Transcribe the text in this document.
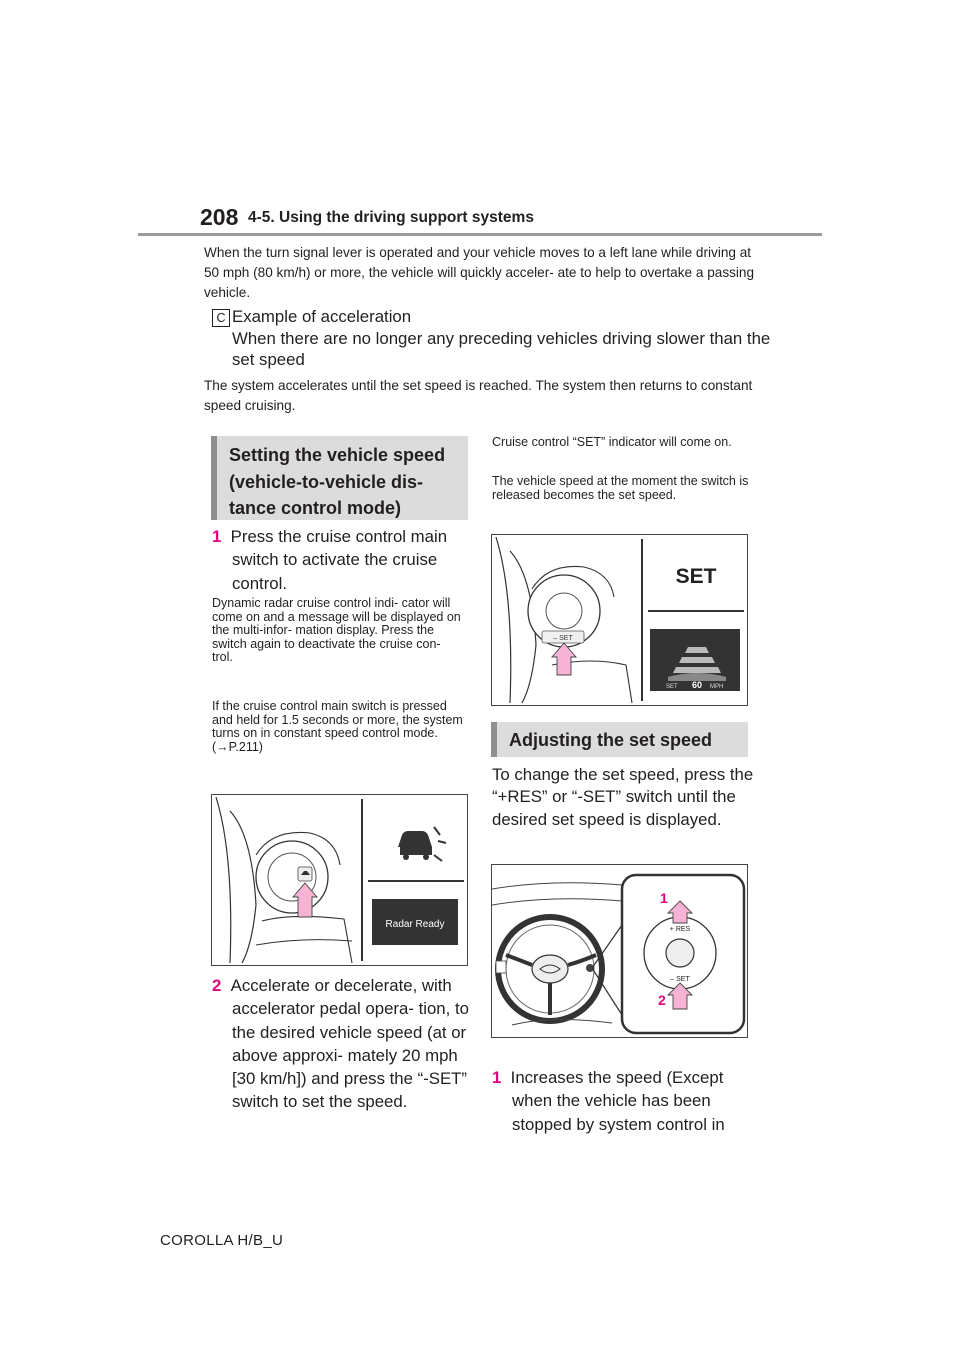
208 4-5. Using the driving support systems

When the turn signal lever is operated and your vehicle moves to a left lane while driving at 50 mph (80 km/h) or more, the vehicle will quickly acceler- ate to help to overtake a passing vehicle.

C Example of acceleration
When there are no longer any preceding vehicles driving slower than the set speed

The system accelerates until the set speed is reached. The system then returns to constant speed cruising.

Setting the vehicle speed (vehicle-to-vehicle dis- tance control mode)
1 Press the cruise control main switch to activate the cruise control.

Dynamic radar cruise control indi- cator will come on and a message will be displayed on the multi-infor- mation display. Press the switch again to deactivate the cruise con- trol.

If the cruise control main switch is pressed and held for 1.5 seconds or more, the system turns on in constant speed control mode. (→P.211)

Radar Ready
2 Accelerate or decelerate, with accelerator pedal opera- tion, to the desired vehicle speed (at or above approxi- mately 20 mph [30 km/h]) and press the “-SET” switch to set the speed.

Cruise control “SET” indicator will come on.

The vehicle speed at the moment the switch is released becomes the set speed.

– SET
SET
SET 60 MPH
Adjusting the set speed

To change the set speed, press the “+RES” or “-SET” switch until the desired set speed is displayed.

+ RES
– SET
1
2
1 Increases the speed (Except when the vehicle has been stopped by system control in
COROLLA H/B_U
